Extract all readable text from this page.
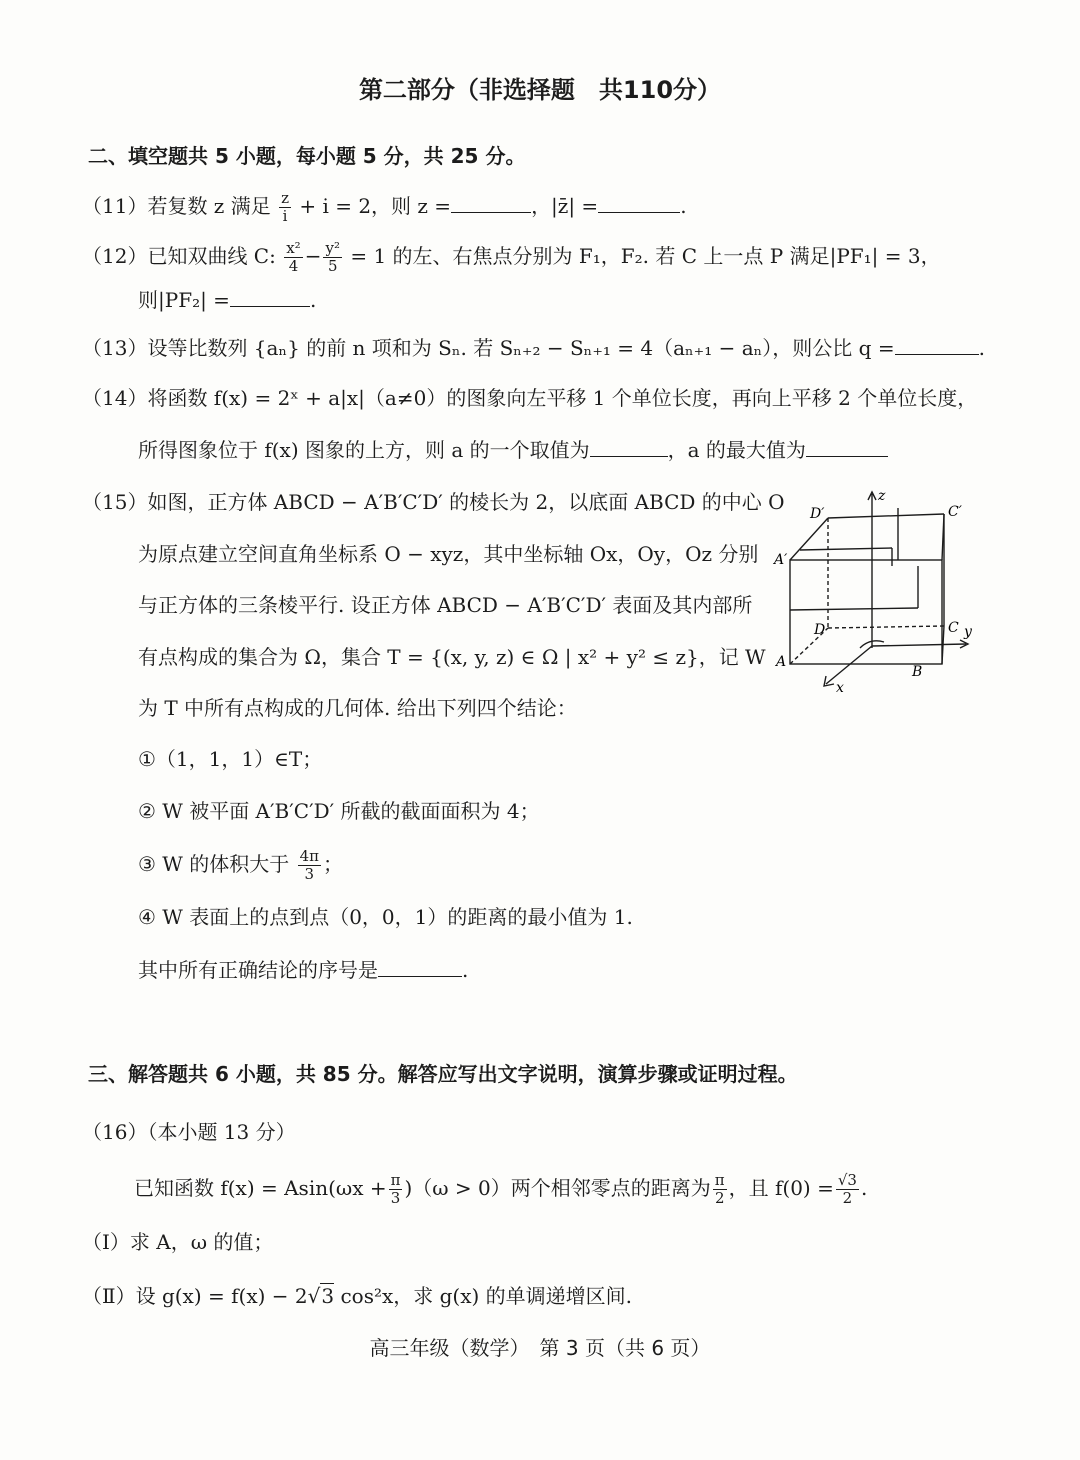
第二部分（非选择题　共110分）
二、填空题共 5 小题，每小题 5 分，共 25 分。
（11）若复数 z 满足 $\frac{z}{i} + i = 2$，则 z =	，|z̄| =	.
（12）已知双曲线 C: $\frac{\text{x²}}{4} - \frac{\text{y²}}{5} = 1$ 的左、右焦点分别为 F₁，F₂. 若 C 上一点 P 满足|PF₁| = 3，
则|PF₂| =	.
（13）设等比数列 {aₙ} 的前 n 项和为 Sₙ. 若 Sₙ₊₂ − Sₙ₊₁ = 4（aₙ₊₁ − aₙ），则公比 q =	.
（14）将函数 f(x) = 2ˣ + a|x|（a≠0）的图象向左平移 1 个单位长度，再向上平移 2 个单位长度，
所得图象位于 f(x) 图象的上方，则 a 的一个取值为	，a 的最大值为
（15）如图，正方体 ABCD − A′B′C′D′ 的棱长为 2，以底面 ABCD 的中心 O
为原点建立空间直角坐标系 O − xyz，其中坐标轴 Ox，Oy，Oz 分别
与正方体的三条棱平行. 设正方体 ABCD − A′B′C′D′ 表面及其内部所
有点构成的集合为 Ω，集合 T = {(x, y, z) ∈ Ω | x² + y² ≤ z}，记 W
为 T 中所有点构成的几何体. 给出下列四个结论：
①（1，1，1）∈T；
② W 被平面 A′B′C′D′ 所截的截面面积为 4；
③ W 的体积大于 $\frac{4\pi}{3}$ ；
④ W 表面上的点到点（0，0，1）的距离的最小值为 1.
其中所有正确结论的序号是	.
z
y
x
D′	C′
A′
D	C
A
B
三、解答题共 6 小题，共 85 分。解答应写出文字说明，演算步骤或证明过程。
（16）（本小题 13 分）
已知函数 $f(x) = Asin(\omega x + \frac{\pi}{3} )(\omega > 0)$两个相邻零点的距离为 $\frac{\pi}{2}$ ，且 $f(0) = \frac{√3}{2}$ .
（Ⅰ）求 A，ω 的值；
（Ⅱ）设 g(x) = f(x) − 2√3 cos²x，求 g(x) 的单调递增区间.
高三年级（数学）　第 3 页（共 6 页）
